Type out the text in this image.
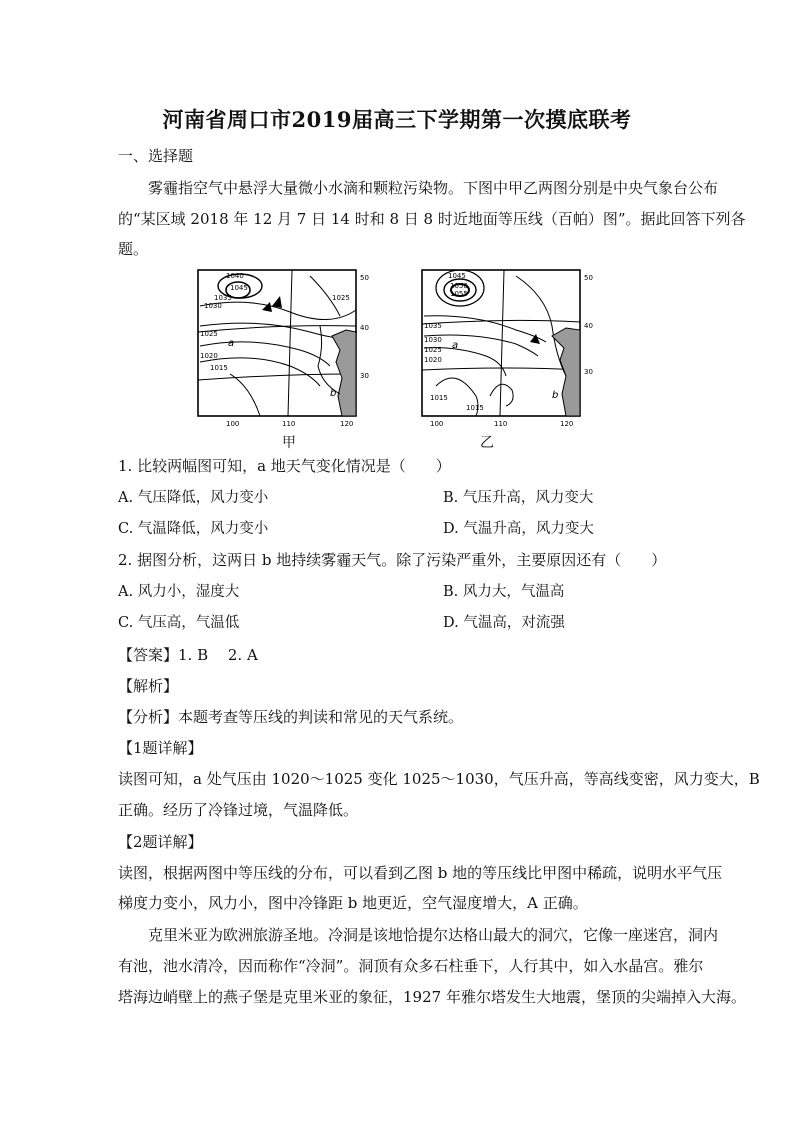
河南省周口市2019届高三下学期第一次摸底联考
一、选择题
雾霾指空气中悬浮大量微小水滴和颗粒污染物。下图中甲乙两图分别是中央气象台公布
的“某区域 2018 年 12 月 7 日 14 时和 8 日 8 时近地面等压线（百帕）图”。据此回答下列各
题。
1040
1045
1035
1030
1025
1025
1020
1015
a
b
50
40
30
100	110	120
1045
1050
1055
1035
1030
1025
1020
1015
1015
a
b
50
40
30
100	110	120
甲	乙
1. 比较两幅图可知，a 地天气变化情况是（　　）
A. 气压降低，风力变小	B. 气压升高，风力变大
C. 气温降低，风力变小	D. 气温升高，风力变大
2. 据图分析，这两日 b 地持续雾霾天气。除了污染严重外，主要原因还有（　　）
A. 风力小，湿度大	B. 风力大，气温高
C. 气压高，气温低	D. 气温高，对流强
【答案】1. B　 2. A
【解析】
【分析】本题考查等压线的判读和常见的天气系统。
【1题详解】
读图可知，a 处气压由 1020～1025 变化 1025～1030，气压升高，等高线变密，风力变大，B
正确。经历了冷锋过境，气温降低。
【2题详解】
读图，根据两图中等压线的分布，可以看到乙图 b 地的等压线比甲图中稀疏，说明水平气压
梯度力变小，风力小，图中冷锋距 b 地更近，空气湿度增大，A 正确。
克里米亚为欧洲旅游圣地。冷洞是该地恰提尔达格山最大的洞穴，它像一座迷宫，洞内
有池，池水清冷，因而称作“冷洞”。洞顶有众多石柱垂下，人行其中，如入水晶宫。雅尔
塔海边峭壁上的燕子堡是克里米亚的象征，1927 年雅尔塔发生大地震，堡顶的尖端掉入大海。
